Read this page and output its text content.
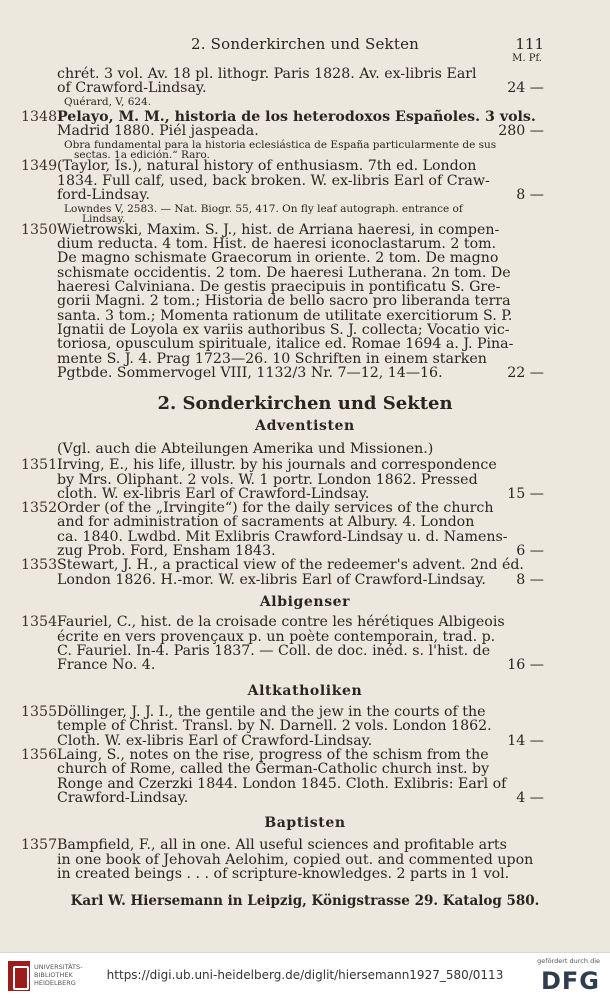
2. Sonderkirchen und Sekten	111
M. Pf.
chrét. 3 vol. Av. 18 pl. lithogr. Paris 1828. Av. ex-libris Earl
of Crawford-Lindsay.	24 —
Quérard, V, 624.
1348 Pelayo, M. M., historia de los heterodoxos Españoles. 3 vols.
Madrid 1880. Piél jaspeada.	280 —
Obra fundamental para la historia eclesiástica de España particularmente de sus
sectas. 1a edición.“ Raro.
1349 (Taylor, Is.), natural history of enthusiasm. 7th ed. London
1834. Full calf, used, back broken. W. ex-libris Earl of Craw-
ford-Lindsay.	8 —
Lowndes V, 2583. — Nat. Biogr. 55, 417. On fly leaf autograph. entrance of
Lindsay.
1350 Wietrowski, Maxim. S. J., hist. de Arriana haeresi, in compen-
dium reducta. 4 tom. Hist. de haeresi iconoclastarum. 2 tom.
De magno schismate Graecorum in oriente. 2 tom. De magno
schismate occidentis. 2 tom. De haeresi Lutherana. 2n tom. De
haeresi Calviniana. De gestis praecipuis in pontificatu S. Gre-
gorii Magni. 2 tom.; Historia de bello sacro pro liberanda terra
santa. 3 tom.; Momenta rationum de utilitate exercitiorum S. P.
Ignatii de Loyola ex variis authoribus S. J. collecta; Vocatio vic-
toriosa, opusculum spirituale, italice ed. Romae 1694 a. J. Pina-
mente S. J. 4. Prag 1723—26. 10 Schriften in einem starken
Pgtbde. Sommervogel VIII, 1132/3 Nr. 7—12, 14—16.	22 —
2. Sonderkirchen und Sekten
Adventisten
(Vgl. auch die Abteilungen Amerika und Missionen.)
1351 Irving, E., his life, illustr. by his journals and correspondence
by Mrs. Oliphant. 2 vols. W. 1 portr. London 1862. Pressed
cloth. W. ex-libris Earl of Crawford-Lindsay.	15 —
1352 Order (of the „Irvingite“) for the daily services of the church
and for administration of sacraments at Albury. 4. London
ca. 1840. Lwdbd. Mit Exlibris Crawford-Lindsay u. d. Namens-
zug Prob. Ford, Ensham 1843.	6 —
1353 Stewart, J. H., a practical view of the redeemer's advent. 2nd éd.
London 1826. H.-mor. W. ex-libris Earl of Crawford-Lindsay. 8 —
Albigenser
1354 Fauriel, C., hist. de la croisade contre les hérétiques Albigeois
écrite en vers provençaux p. un poète contemporain, trad. p.
C. Fauriel. In-4. Paris 1837. — Coll. de doc. inéd. s. l'hist. de
France No. 4.	16 —
Altkatholiken
1355 Döllinger, J. J. I., the gentile and the jew in the courts of the
temple of Christ. Transl. by N. Darnell. 2 vols. London 1862.
Cloth. W. ex-libris Earl of Crawford-Lindsay.	14 —
1356 Laing, S., notes on the rise, progress of the schism from the
church of Rome, called the German-Catholic church inst. by
Ronge and Czerzki 1844. London 1845. Cloth. Exlibris: Earl of
Crawford-Lindsay.	4 —
Baptisten
1357 Bampfield, F., all in one. All useful sciences and profitable arts
in one book of Jehovah Aelohim, copied out. and commented upon
in created beings . . . of scripture-knowledges. 2 parts in 1 vol.
Karl W. Hiersemann in Leipzig, Königstrasse 29. Katalog 580.
UNIVERSITÄTS-
BIBLIOTHEK
HEIDELBERG
https://digi.ub.uni-heidelberg.de/diglit/hiersemann1927_580/0113
gefördert durch die
DFG
